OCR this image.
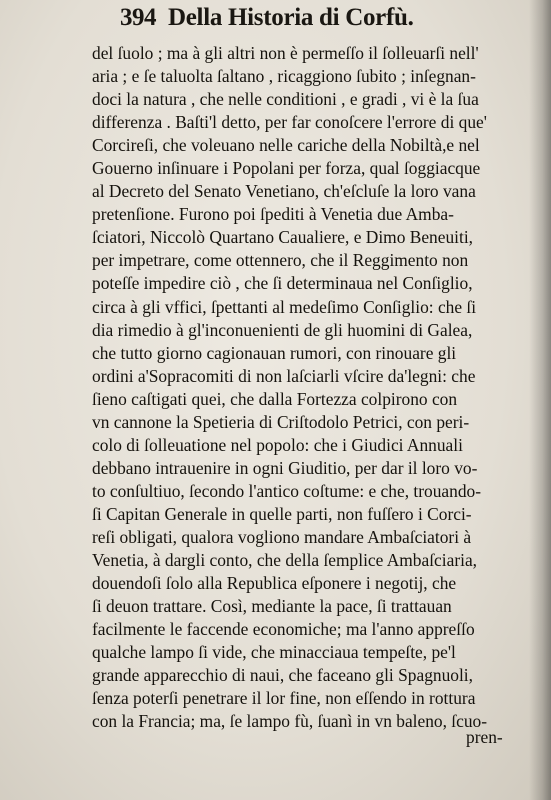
394 Della Historia di Corfù.
del ſuolo ; ma à gli altri non è permeſſo il ſolleuarſi nell'
aria ; e ſe taluolta ſaltano , ricaggiono ſubito ; inſegnan-
doci la natura , che nelle conditioni , e gradi , vi è la ſua
differenza . Baſti'l detto, per far conoſcere l'errore di que'
Corcireſi, che voleuano nelle cariche della Nobiltà,e nel
Gouerno inſinuare i Popolani per forza, qual ſoggiacque
al Decreto del Senato Venetiano, ch'eſcluſe la loro vana
pretenſione. Furono poi ſpediti à Venetia due Amba-
ſciatori, Niccolò Quartano Caualiere, e Dimo Beneuiti,
per impetrare, come ottennero, che il Reggimento non
poteſſe impedire ciò , che ſi determinaua nel Conſiglio,
circa à gli vffici, ſpettanti al medeſimo Conſiglio: che ſi
dia rimedio à gl'inconuenienti de gli huomini di Galea,
che tutto giorno cagionauan rumori, con rinouare gli
ordini a'Sopracomiti di non laſciarli vſcire da'legni: che
ſieno caſtigati quei, che dalla Fortezza colpirono con
vn cannone la Spetieria di Criſtodolo Petrici, con peri-
colo di ſolleuatione nel popolo: che i Giudici Annuali
debbano intrauenire in ogni Giuditio, per dar il loro vo-
to conſultiuo, ſecondo l'antico coſtume: e che, trouando-
ſi Capitan Generale in quelle parti, non fuſſero i Corci-
reſi obligati, qualora vogliono mandare Ambaſciatori à
Venetia, à dargli conto, che della ſemplice Ambaſciaria,
douendoſi ſolo alla Republica eſponere i negotij, che
ſi deuon trattare. Così, mediante la pace, ſi trattauan
facilmente le faccende economiche; ma l'anno appreſſo
qualche lampo ſi vide, che minacciaua tempeſte, pe'l
grande apparecchio di naui, che faceano gli Spagnuoli,
ſenza poterſi penetrare il lor fine, non eſſendo in rottura
con la Francia; ma, ſe lampo fù, ſuanì in vn baleno, ſcuo-
pren-
